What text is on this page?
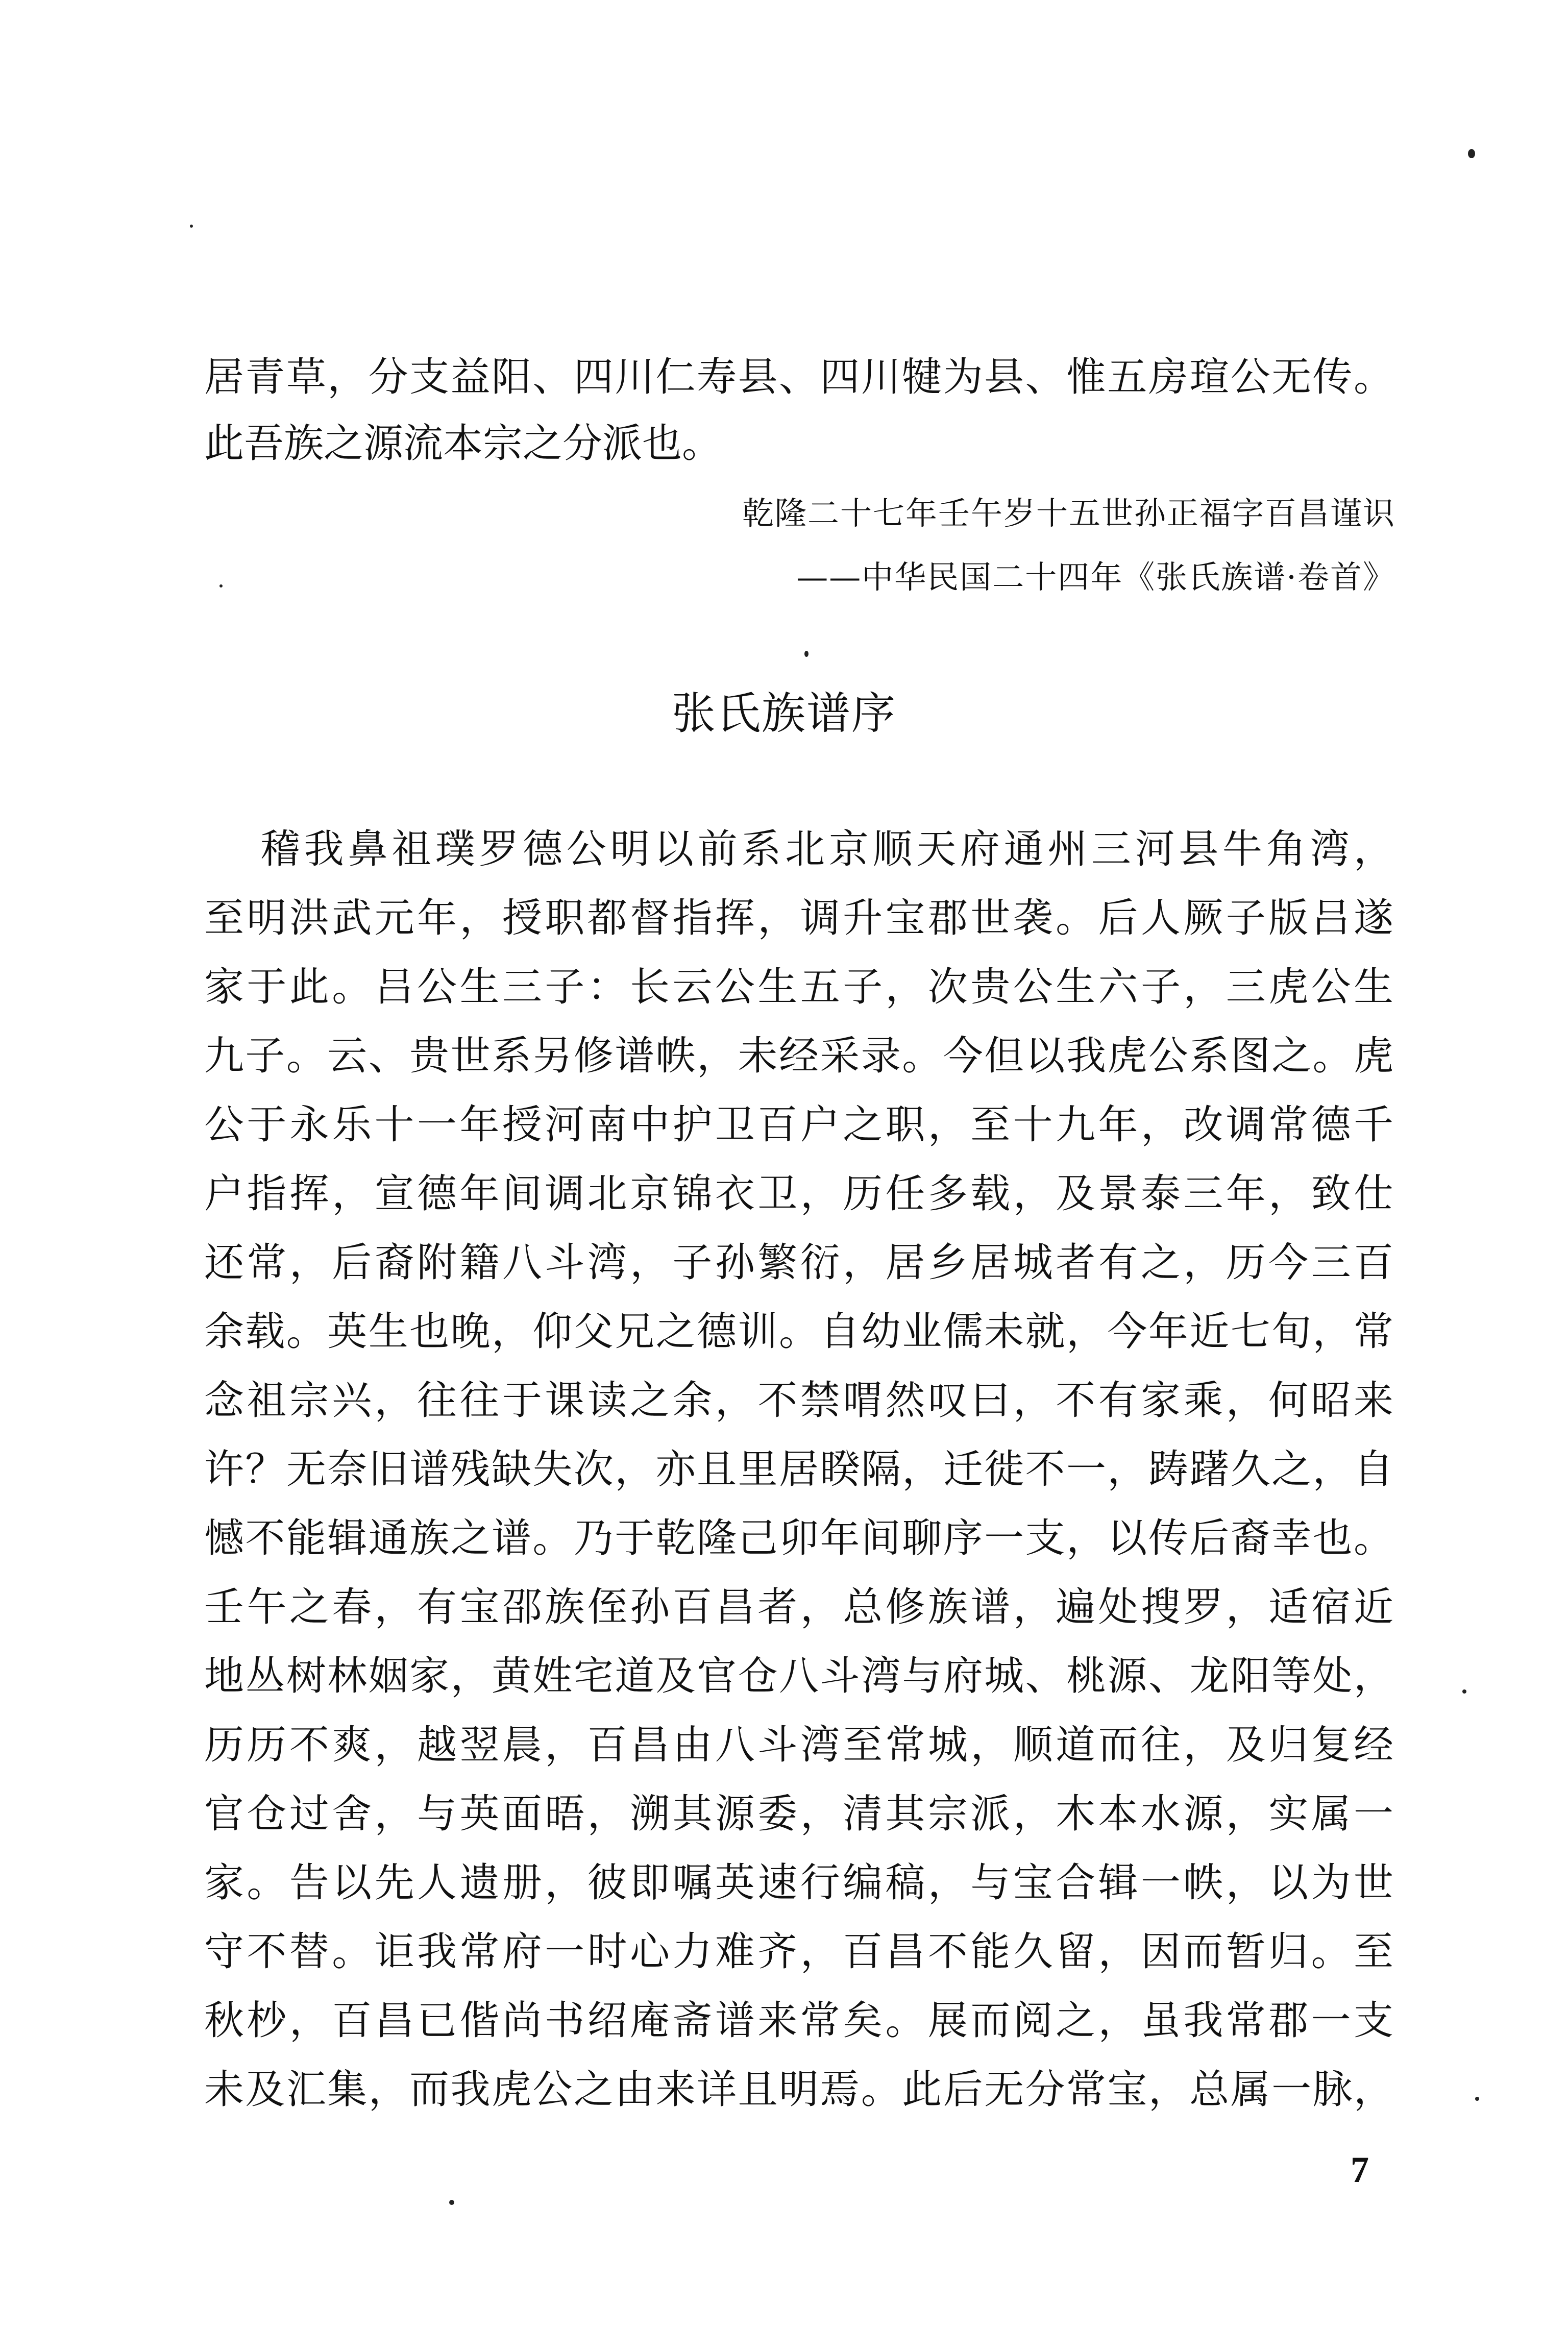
居青草，分支益阳、四川仁寿县、四川犍为县、惟五房瑄公无传。
此吾族之源流本宗之分派也。
乾隆二十七年壬午岁十五世孙正福字百昌谨识
——中华民国二十四年《张氏族谱·卷首》
张氏族谱序
稽我鼻祖璞罗德公明以前系北京顺天府通州三河县牛角湾，
至明洪武元年，授职都督指挥，调升宝郡世袭。后人厥子版吕遂
家于此。吕公生三子：长云公生五子，次贵公生六子，三虎公生
九子。云、贵世系另修谱帙，未经采录。今但以我虎公系图之。虎
公于永乐十一年授河南中护卫百户之职，至十九年，改调常德千
户指挥，宣德年间调北京锦衣卫，历任多载，及景泰三年，致仕
还常，后裔附籍八斗湾，子孙繁衍，居乡居城者有之，历今三百
余载。英生也晚，仰父兄之德训。自幼业儒未就，今年近七旬，常
念祖宗兴，往往于课读之余，不禁喟然叹曰，不有家乘，何昭来
许？无奈旧谱残缺失次，亦且里居睽隔，迁徙不一，踌躇久之，自
憾不能辑通族之谱。乃于乾隆己卯年间聊序一支，以传后裔幸也。
壬午之春，有宝邵族侄孙百昌者，总修族谱，遍处搜罗，适宿近
地丛树林姻家，黄姓宅道及官仓八斗湾与府城、桃源、龙阳等处，
历历不爽，越翌晨，百昌由八斗湾至常城，顺道而往，及归复经
官仓过舍，与英面晤，溯其源委，清其宗派，木本水源，实属一
家。告以先人遗册，彼即嘱英速行编稿，与宝合辑一帙，以为世
守不替。讵我常府一时心力难齐，百昌不能久留，因而暂归。至
秋杪，百昌已偕尚书绍庵斋谱来常矣。展而阅之，虽我常郡一支
未及汇集，而我虎公之由来详且明焉。此后无分常宝，总属一脉，
7
